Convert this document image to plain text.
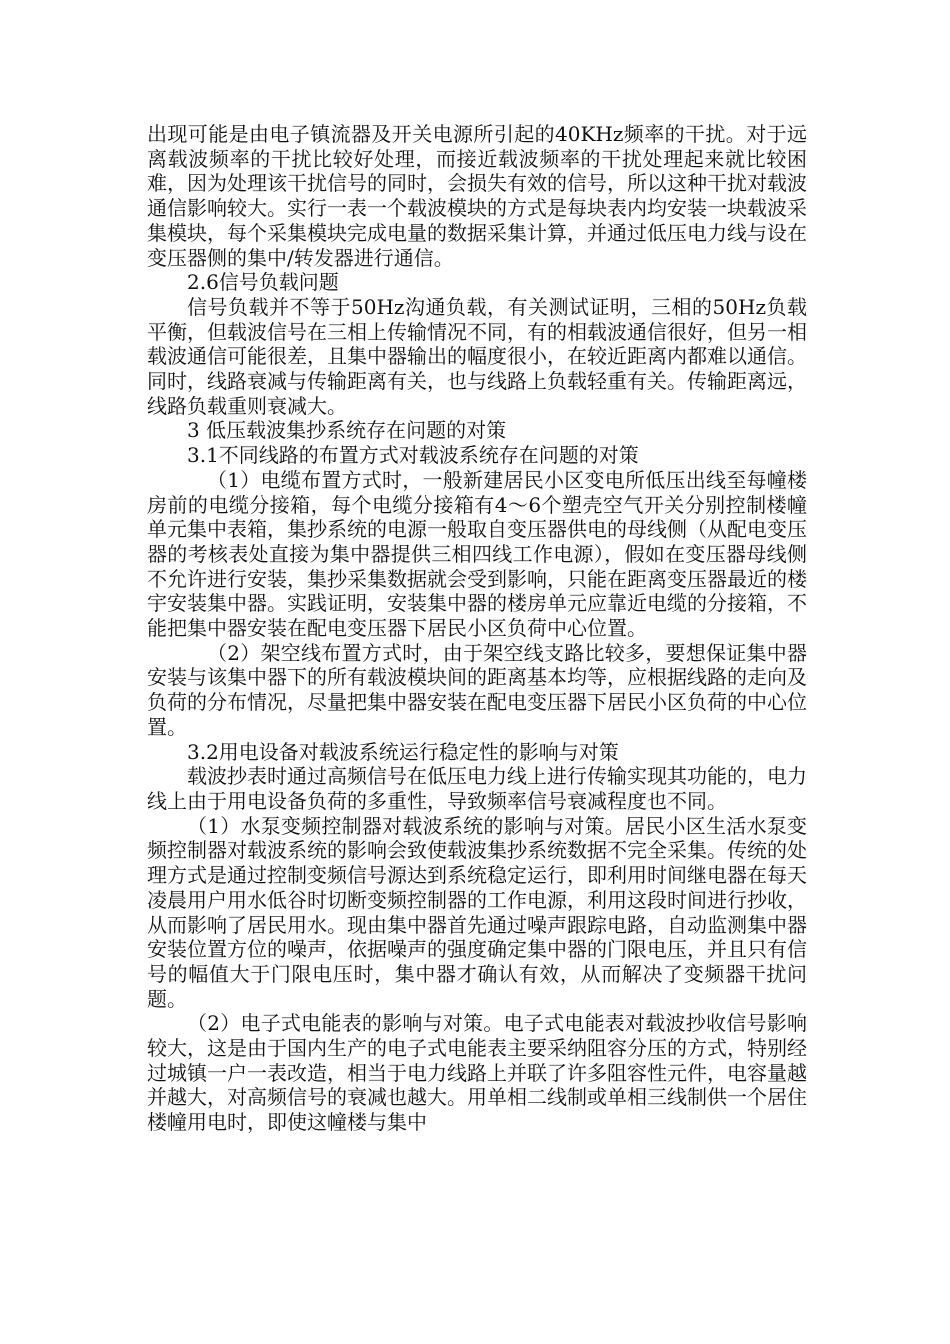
出现可能是由电子镇流器及开关电源所引起的40KHz频率的干扰。对于远离载波频率的干扰比较好处理，而接近载波频率的干扰处理起来就比较困难，因为处理该干扰信号的同时，会损失有效的信号，所以这种干扰对载波通信影响较大。实行一表一个载波模块的方式是每块表内均安装一块载波采集模块，每个采集模块完成电量的数据采集计算，并通过低压电力线与设在变压器侧的集中/转发器进行通信。

2.6信号负载问题

信号负载并不等于50Hz沟通负载，有关测试证明，三相的50Hz负载平衡，但载波信号在三相上传输情况不同，有的相载波通信很好，但另一相载波通信可能很差，且集中器输出的幅度很小，在较近距离内都难以通信。同时，线路衰减与传输距离有关，也与线路上负载轻重有关。传输距离远，线路负载重则衰减大。

3 低压载波集抄系统存在问题的对策

3.1不同线路的布置方式对载波系统存在问题的对策

（1）电缆布置方式时，一般新建居民小区变电所低压出线至每幢楼房前的电缆分接箱，每个电缆分接箱有4～6个塑壳空气开关分别控制楼幢单元集中表箱，集抄系统的电源一般取自变压器供电的母线侧（从配电变压器的考核表处直接为集中器提供三相四线工作电源），假如在变压器母线侧不允许进行安装，集抄采集数据就会受到影响，只能在距离变压器最近的楼宇安装集中器。实践证明，安装集中器的楼房单元应靠近电缆的分接箱，不能把集中器安装在配电变压器下居民小区负荷中心位置。

（2）架空线布置方式时，由于架空线支路比较多，要想保证集中器安装与该集中器下的所有载波模块间的距离基本均等，应根据线路的走向及负荷的分布情况，尽量把集中器安装在配电变压器下居民小区负荷的中心位置。

3.2用电设备对载波系统运行稳定性的影响与对策

载波抄表时通过高频信号在低压电力线上进行传输实现其功能的，电力线上由于用电设备负荷的多重性，导致频率信号衰减程度也不同。

（1）水泵变频控制器对载波系统的影响与对策。居民小区生活水泵变频控制器对载波系统的影响会致使载波集抄系统数据不完全采集。传统的处理方式是通过控制变频信号源达到系统稳定运行，即利用时间继电器在每天凌晨用户用水低谷时切断变频控制器的工作电源，利用这段时间进行抄收，从而影响了居民用水。现由集中器首先通过噪声跟踪电路，自动监测集中器安装位置方位的噪声，依据噪声的强度确定集中器的门限电压，并且只有信号的幅值大于门限电压时，集中器才确认有效，从而解决了变频器干扰问题。

（2）电子式电能表的影响与对策。电子式电能表对载波抄收信号影响较大，这是由于国内生产的电子式电能表主要采纳阻容分压的方式，特别经过城镇一户一表改造，相当于电力线路上并联了许多阻容性元件，电容量越并越大，对高频信号的衰减也越大。用单相二线制或单相三线制供一个居住楼幢用电时，即使这幢楼与集中
